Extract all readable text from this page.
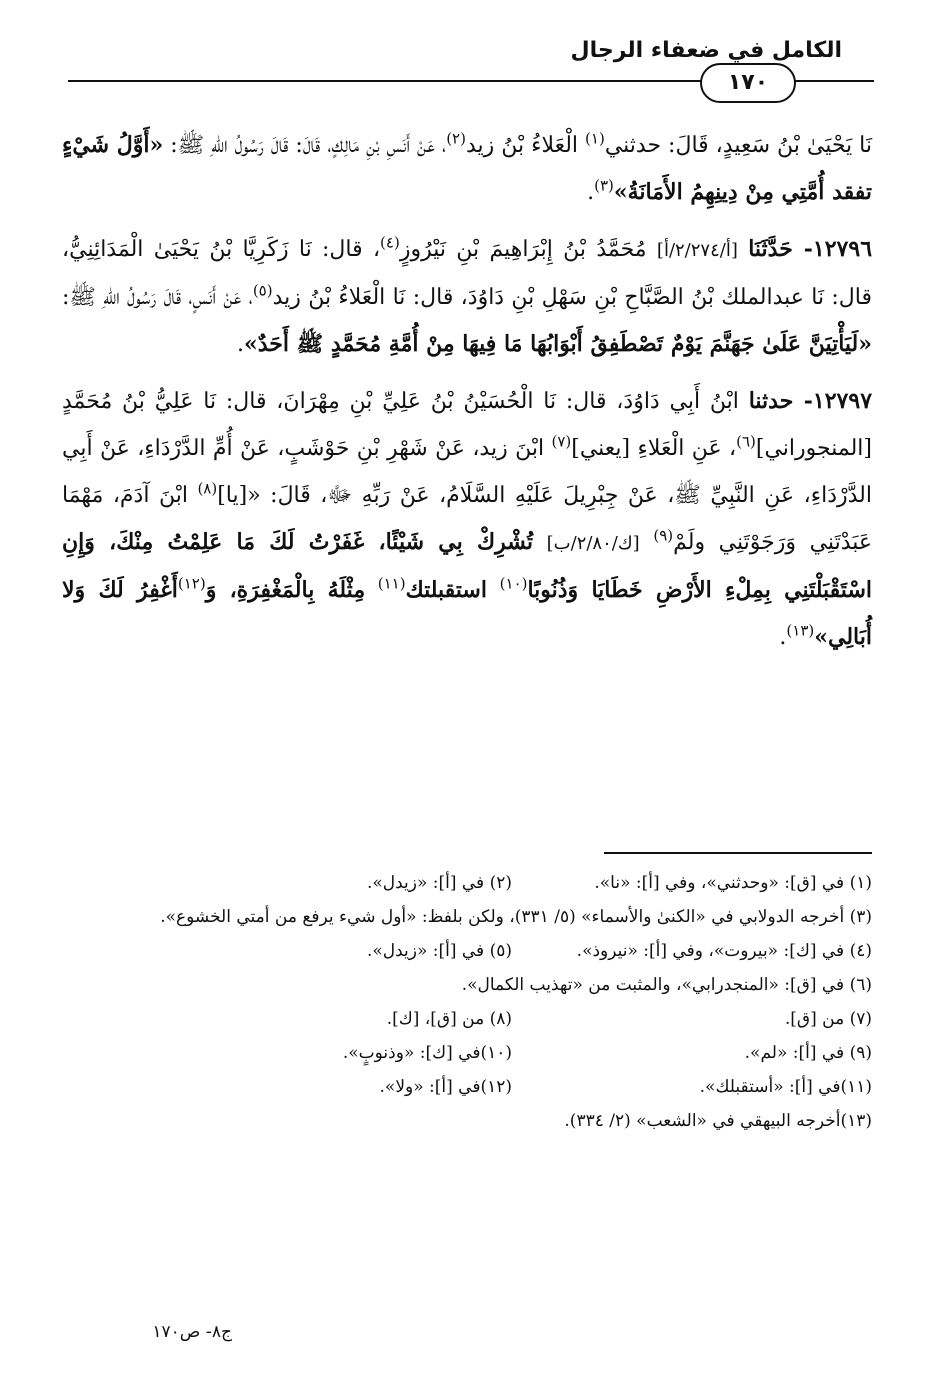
الكامل في ضعفاء الرجال
١٧٠

نَا يَحْيَىٰ بْنُ سَعِيدٍ، قَالَ: حدثني$^{(١)}$ الْعَلاءُ بْنُ زيد$^{(٢)}$، عَنْ أَنَسِ بْنِ مَالِكٍ، قَالَ: قَالَ رَسُولُ اللهِ ﷺ: «أَوَّلُ شَيْءٍ تفقد أُمَّتِي مِنْ دِينِهِمُ الأَمَانَةُ»$^{(٣)}$.

١٢٧٩٦- حَدَّثَنَا [أ/٢/٢٧٤/أ] مُحَمَّدُ بْنُ إِبْرَاهِيمَ بْنِ نَيْرُوزٍ$^{(٤)}$، قال: نَا زَكَرِيَّا بْنُ يَحْيَىٰ الْمَدَائِنِيُّ، قال: نَا عبدالملك بْنُ الصَّبَّاحِ بْنِ سَهْلِ بْنِ دَاوُدَ، قال: نَا الْعَلاءُ بْنُ زيد$^{(٥)}$، عَنْ أَنَسٍ، قَالَ رَسُولُ اللهِ ﷺ: «لَيَأْتِيَنَّ عَلَىٰ جَهَنَّمَ يَوْمٌ تَصْطَفِقُ أَبْوَابُهَا مَا فِيهَا مِنْ أُمَّةِ مُحَمَّدٍ ﷺ أَحَدٌ».

١٢٧٩٧- حدثنا ابْنُ أَبِي دَاوُدَ، قال: نَا الْحُسَيْنُ بْنُ عَلِيِّ بْنِ مِهْرَانَ، قال: نَا عَلِيُّ بْنُ مُحَمَّدٍ [المنجوراني]$^{(٦)}$، عَنِ الْعَلاءِ [يعني]$^{(٧)}$ ابْنَ زيد، عَنْ شَهْرِ بْنِ حَوْشَبٍ، عَنْ أُمِّ الدَّرْدَاءِ، عَنْ أَبِي الدَّرْدَاءِ، عَنِ النَّبِيِّ ﷺ، عَنْ جِبْرِيلَ عَلَيْهِ السَّلَامُ، عَنْ رَبِّهِ ﷻ، قَالَ: «[يا]$^{(٨)}$ ابْنَ آدَمَ، مَهْمَا عَبَدْتَنِي وَرَجَوْتَنِي ولَمْ$^{(٩)}$ [ك/٢/٨٠/ب] تُشْرِكْ بِي شَيْئًا، غَفَرْتُ لَكَ مَا عَلِمْتُ مِنْكَ، وَإِنِ اسْتَقْبَلْتَنِي بِمِلْءِ الأَرْضِ خَطَايَا وَذُنُوبًا$^{(١٠)}$ استقبلتك$^{(١١)}$ مِثْلَهُ بِالْمَغْفِرَةِ، وَ$^{(١٢)}$أَغْفِرُ لَكَ وَلا أُبَالِي»$^{(١٣)}$.

(١) في [ق]: «وحدثني»، وفي [أ]: «نا».
(٢) في [أ]: «زيدل».
(٣) أخرجه الدولابي في «الكنىٰ والأسماء» (٥/ ٣٣١)، ولكن بلفظ: «أول شيء يرفع من أمتي الخشوع».
(٤) في [ك]: «بيروت»، وفي [أ]: «نيروذ».
(٥) في [أ]: «زيدل».
(٦) في [ق]: «المنجدرابي»، والمثبت من «تهذيب الكمال».
(٧) من [ق].
(٨) من [ق]، [ك].
(٩) في [أ]: «لم».
(١٠)في [ك]: «وذنوبٍ».
(١١)في [أ]: «أستقبلك».
(١٢)في [أ]: «ولا».
(١٣)أخرجه البيهقي في «الشعب» (٢/ ٣٣٤).
ج٨- ص١٧٠
